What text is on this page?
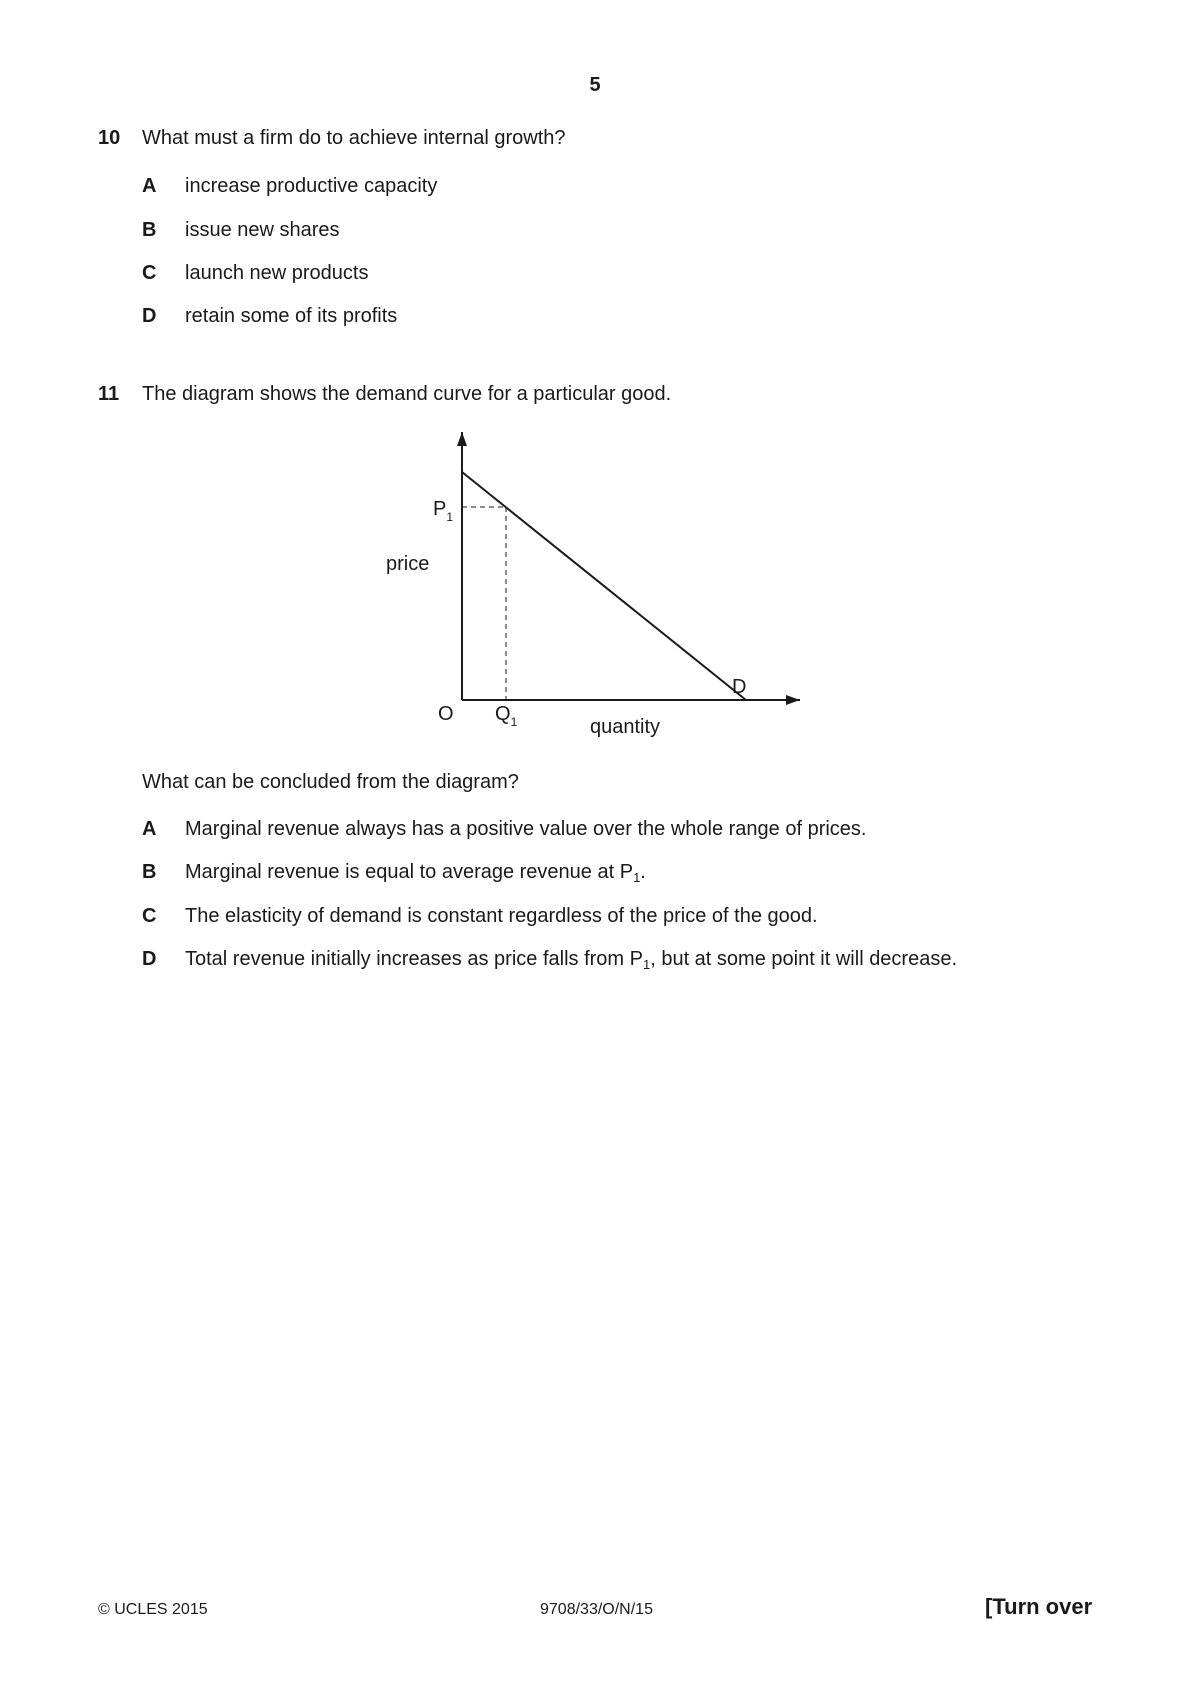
5
10 What must a firm do to achieve internal growth?
A increase productive capacity
B issue new shares
C launch new products
D retain some of its profits
11 The diagram shows the demand curve for a particular good.
$P_1$
price
D
O $Q_1$	quantity
What can be concluded from the diagram?
A Marginal revenue always has a positive value over the whole range of prices.
B Marginal revenue is equal to average revenue at $P_1$.
C The elasticity of demand is constant regardless of the price of the good.
D Total revenue initially increases as price falls from $P_1$, but at some point it will decrease.
© UCLES 2015	9708/33/O/N/15	[Turn over
